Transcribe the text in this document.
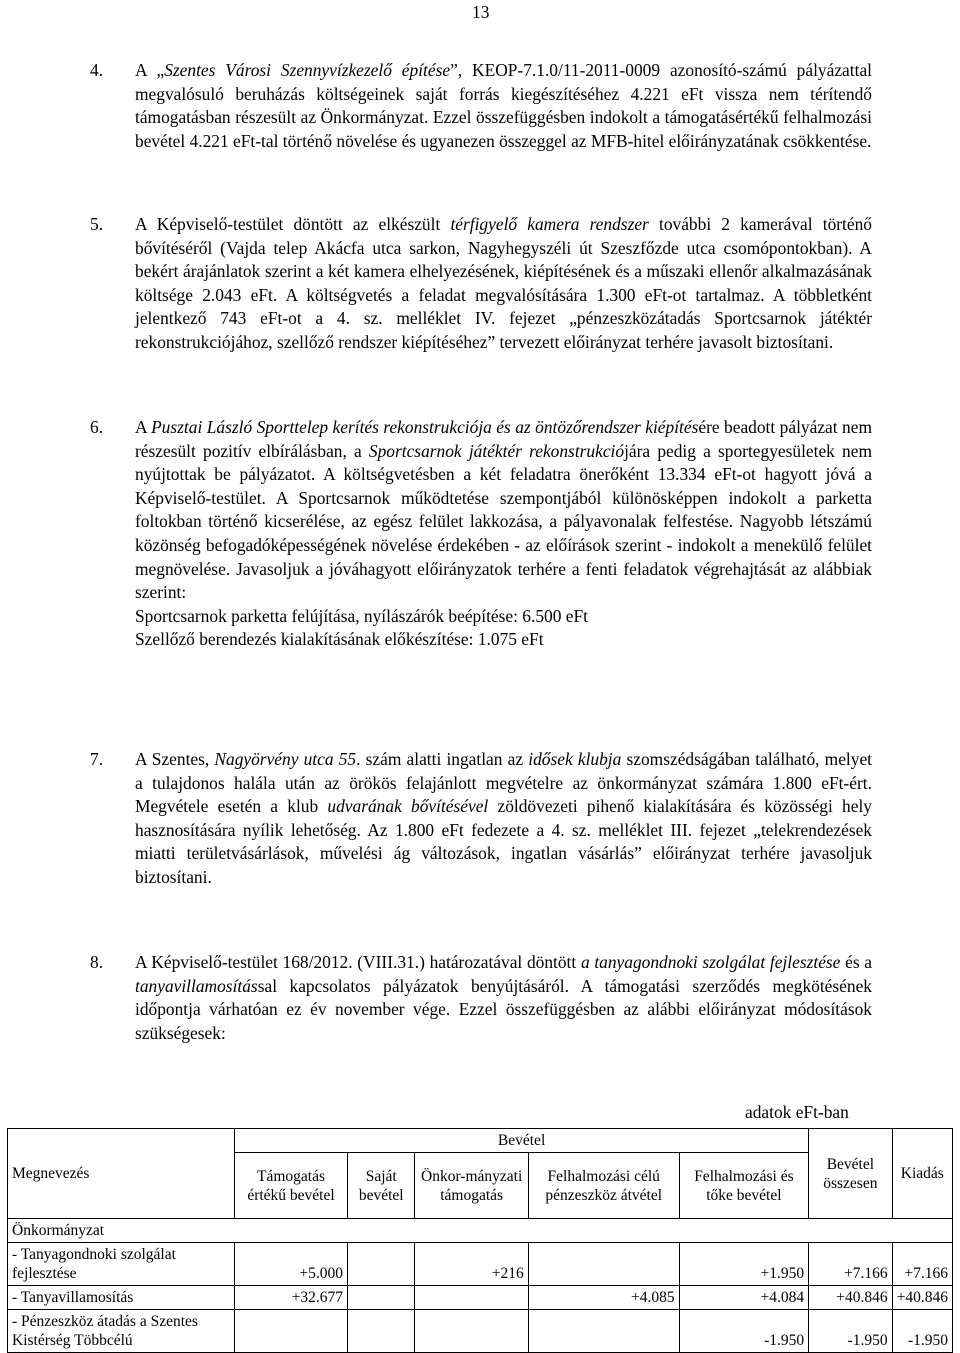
13
4. A „Szentes Városi Szennyvízkezelő építése”, KEOP-7.1.0/11-2011-0009 azonosító-számú pályázattal megvalósuló beruházás költségeinek saját forrás kiegészítéséhez 4.221 eFt vissza nem térítendő támogatásban részesült az Önkormányzat. Ezzel összefüggésben indokolt a támogatásértékű felhalmozási bevétel 4.221 eFt-tal történő növelése és ugyanezen összeggel az MFB-hitel előirányzatának csökkentése.
5. A Képviselő-testület döntött az elkészült térfigyelő kamera rendszer további 2 kamerával történő bővítéséről (Vajda telep Akácfa utca sarkon, Nagyhegyszéli út Szeszfőzde utca csomópontokban). A bekért árajánlatok szerint a két kamera elhelyezésének, kiépítésének és a műszaki ellenőr alkalmazásának költsége 2.043 eFt. A költségvetés a feladat megvalósítására 1.300 eFt-ot tartalmaz. A többletként jelentkező 743 eFt-ot a 4. sz. melléklet IV. fejezet „pénzeszközátadás Sportcsarnok játéktér rekonstrukciójához, szellőző rendszer kiépítéséhez” tervezett előirányzat terhére javasolt biztosítani.
6. A Pusztai László Sporttelep kerítés rekonstrukciója és az öntözőrendszer kiépítésére beadott pályázat nem részesült pozitív elbírálásban, a Sportcsarnok játéktér rekonstrukciójára pedig a sportegyesületek nem nyújtottak be pályázatot. A költségvetésben a két feladatra önerőként 13.334 eFt-ot hagyott jóvá a Képviselő-testület. A Sportcsarnok működtetése szempontjából különösképpen indokolt a parketta foltokban történő kicserélése, az egész felület lakkozása, a pályavonalak felfestése. Nagyobb létszámú közönség befogadóképességének növelése érdekében - az előírások szerint - indokolt a menekülő felület megnövelése. Javasoljuk a jóváhagyott előirányzatok terhére a fenti feladatok végrehajtását az alábbiak szerint:

Sportcsarnok parketta felújítása, nyílászárók beépítése: 6.500 eFt

Szellőző berendezés kialakításának előkészítése: 1.075 eFt

7. A Szentes, Nagyörvény utca 55. szám alatti ingatlan az idősek klubja szomszédságában található, melyet a tulajdonos halála után az örökös felajánlott megvételre az önkormányzat számára 1.800 eFt-ért. Megvétele esetén a klub udvarának bővítésével zöldövezeti pihenő kialakítására és közösségi hely hasznosítására nyílik lehetőség. Az 1.800 eFt fedezete a 4. sz. melléklet III. fejezet „telekrendezések miatti területvásárlások, művelési ág változások, ingatlan vásárlás” előirányzat terhére javasoljuk biztosítani.
8. A Képviselő-testület 168/2012. (VIII.31.) határozatával döntött a tanyagondnoki szolgálat fejlesztése és a tanyavillamosítással kapcsolatos pályázatok benyújtásáról. A támogatási szerződés megkötésének időpontja várhatóan ez év november vége. Ezzel összefüggésben az alábbi előirányzat módosítások szükségesek:
adatok eFt-ban
Megnevezés	Bevétel					Bevétel összesen	Kiadás
	Támogatás értékű bevétel	Saját bevétel	Önkor-mányzati támogatás	Felhalmozási célú pénzeszköz átvétel	Felhalmozási és tőke bevétel		
Önkormányzat							
- Tanyagondnoki szolgálat fejlesztése	+5.000		+216		+1.950	+7.166	+7.166
- Tanyavillamosítás	+32.677			+4.085	+4.084	+40.846	+40.846
- Pénzeszköz átadás a Szentes Kistérség Többcélú					-1.950	-1.950	-1.950
